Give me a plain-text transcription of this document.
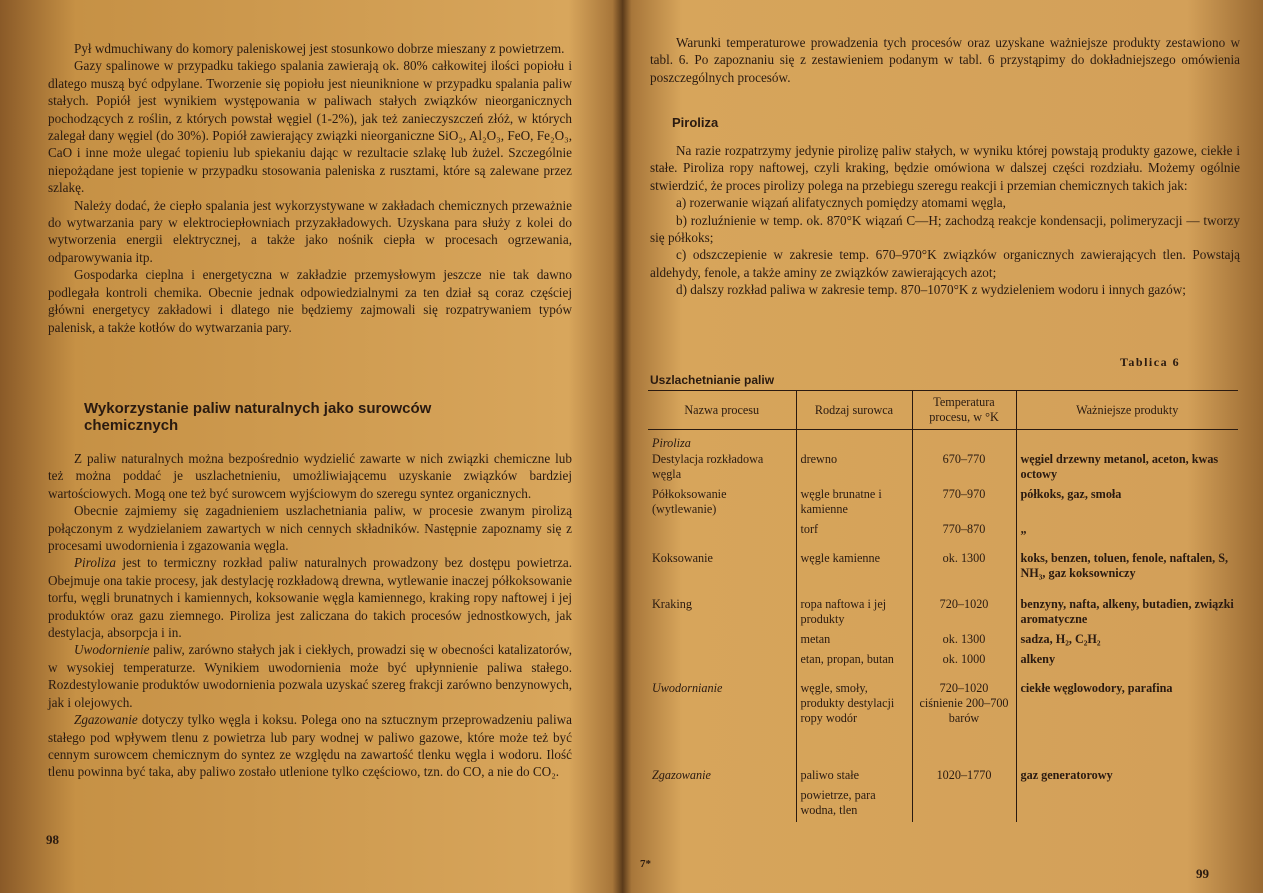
Pył wdmuchiwany do komory paleniskowej jest stosunkowo dobrze mieszany z powietrzem.

Gazy spalinowe w przypadku takiego spalania zawierają ok. 80% całkowitej ilości popiołu i dlatego muszą być odpylane. Tworzenie się popiołu jest nieuniknione w przypadku spalania paliw stałych. Popiół jest wynikiem występowania w paliwach stałych związków nieorganicznych pochodzących z roślin, z których powstał węgiel (1-2%), jak też zanieczyszczeń złóż, w których zalegał dany węgiel (do 30%). Popiół zawierający związki nieorganiczne SiO₂, Al₂O₃, FeO, Fe₂O₃, CaO i inne może ulegać topieniu lub spiekaniu dając w rezultacie szlakę lub żużel. Szczególnie niepożądane jest topienie w przypadku stosowania paleniska z rusztami, które są zalewane przez szlakę.

Należy dodać, że ciepło spalania jest wykorzystywane w zakładach chemicznych przeważnie do wytwarzania pary w elektrociepłowniach przyzakładowych. Uzyskana para służy z kolei do wytworzenia energii elektrycznej, a także jako nośnik ciepła w procesach ogrzewania, odparowywania itp.

Gospodarka cieplna i energetyczna w zakładzie przemysłowym jeszcze nie tak dawno podlegała kontroli chemika. Obecnie jednak odpowiedzialnymi za ten dział są coraz częściej główni energetycy zakładowi i dlatego nie będziemy zajmowali się rozpatrywaniem typów palenisk, a także kotłów do wytwarzania pary.

Wykorzystanie paliw naturalnych jako surowców chemicznych

Z paliw naturalnych można bezpośrednio wydzielić zawarte w nich związki chemiczne lub też można poddać je uszlachetnieniu, umożliwiającemu uzyskanie związków bardziej wartościowych. Mogą one też być surowcem wyjściowym do szeregu syntez organicznych.

Obecnie zajmiemy się zagadnieniem uszlachetniania paliw, w procesie zwanym pirolizą połączonym z wydzielaniem zawartych w nich cennych składników. Następnie zapoznamy się z procesami uwodornienia i zgazowania węgla.

Piroliza jest to termiczny rozkład paliw naturalnych prowadzony bez dostępu powietrza. Obejmuje ona takie procesy, jak destylację rozkładową drewna, wytlewanie inaczej półkoksowanie torfu, węgli brunatnych i kamiennych, koksowanie węgla kamiennego, kraking ropy naftowej i jej produktów oraz gazu ziemnego. Piroliza jest zaliczana do takich procesów jednostkowych, jak destylacja, absorpcja i in.

Uwodornienie paliw, zarówno stałych jak i ciekłych, prowadzi się w obecności katalizatorów, w wysokiej temperaturze. Wynikiem uwodornienia może być upłynnienie paliwa stałego. Rozdestylowanie produktów uwodornienia pozwala uzyskać szereg frakcji zarówno benzynowych, jak i olejowych.

Zgazowanie dotyczy tylko węgla i koksu. Polega ono na sztucznym przeprowadzeniu paliwa stałego pod wpływem tlenu z powietrza lub pary wodnej w paliwo gazowe, które może też być cennym surowcem chemicznym do syntez ze względu na zawartość tlenku węgla i wodoru. Ilość tlenu powinna być taka, aby paliwo zostało utlenione tylko częściowo, tzn. do CO, a nie do CO₂.

98

Warunki temperaturowe prowadzenia tych procesów oraz uzyskane ważniejsze produkty zestawiono w tabl. 6. Po zapoznaniu się z zestawieniem podanym w tabl. 6 przystąpimy do dokładniejszego omówienia poszczególnych procesów.

Piroliza

Na razie rozpatrzymy jedynie pirolizę paliw stałych, w wyniku której powstają produkty gazowe, ciekłe i stałe. Piroliza ropy naftowej, czyli kraking, będzie omówiona w dalszej części rozdziału. Możemy ogólnie stwierdzić, że proces pirolizy polega na przebiegu szeregu reakcji i przemian chemicznych takich jak:

a) rozerwanie wiązań alifatycznych pomiędzy atomami węgla,

b) rozluźnienie w temp. ok. 870°K wiązań C—H; zachodzą reakcje kondensacji, polimeryzacji — tworzy się półkoks;

c) odszczepienie w zakresie temp. 670–970°K związków organicznych zawierających tlen. Powstają aldehydy, fenole, a także aminy ze związków zawierających azot;

d) dalszy rozkład paliwa w zakresie temp. 870–1070°K z wydzieleniem wodoru i innych gazów;

Tablica 6
Uszlachetnianie paliw
Nazwa procesu	Rodzaj surowca	Temperatura procesu, w °K	Ważniejsze produkty
Piroliza			
Destylacja rozkładowa węgla	drewno	670–770	węgiel drzewny metanol, aceton, kwas octowy
Półkoksowanie (wytlewanie)	węgle brunatne i kamienne	770–970	półkoks, gaz, smoła
	torf	770–870	„
Koksowanie	węgle kamienne	ok. 1300	koks, benzen, toluen, fenole, naftalen, S, NH₃, gaz koksowniczy
Kraking	ropa naftowa i jej produkty	720–1020	benzyny, nafta, alkeny, butadien, związki aromatyczne
	metan	ok. 1300	sadza, H₂, C₂H₂
	etan, propan, butan	ok. 1000	alkeny
Uwodornianie	węgle, smoły, produkty destylacji ropy wodór	720–1020 ciśnienie 200–700 barów	ciekłe węglowodory, parafina
Zgazowanie	paliwo stałe	1020–1770	gaz generatorowy
	powietrze, para wodna, tlen		
7*
99
